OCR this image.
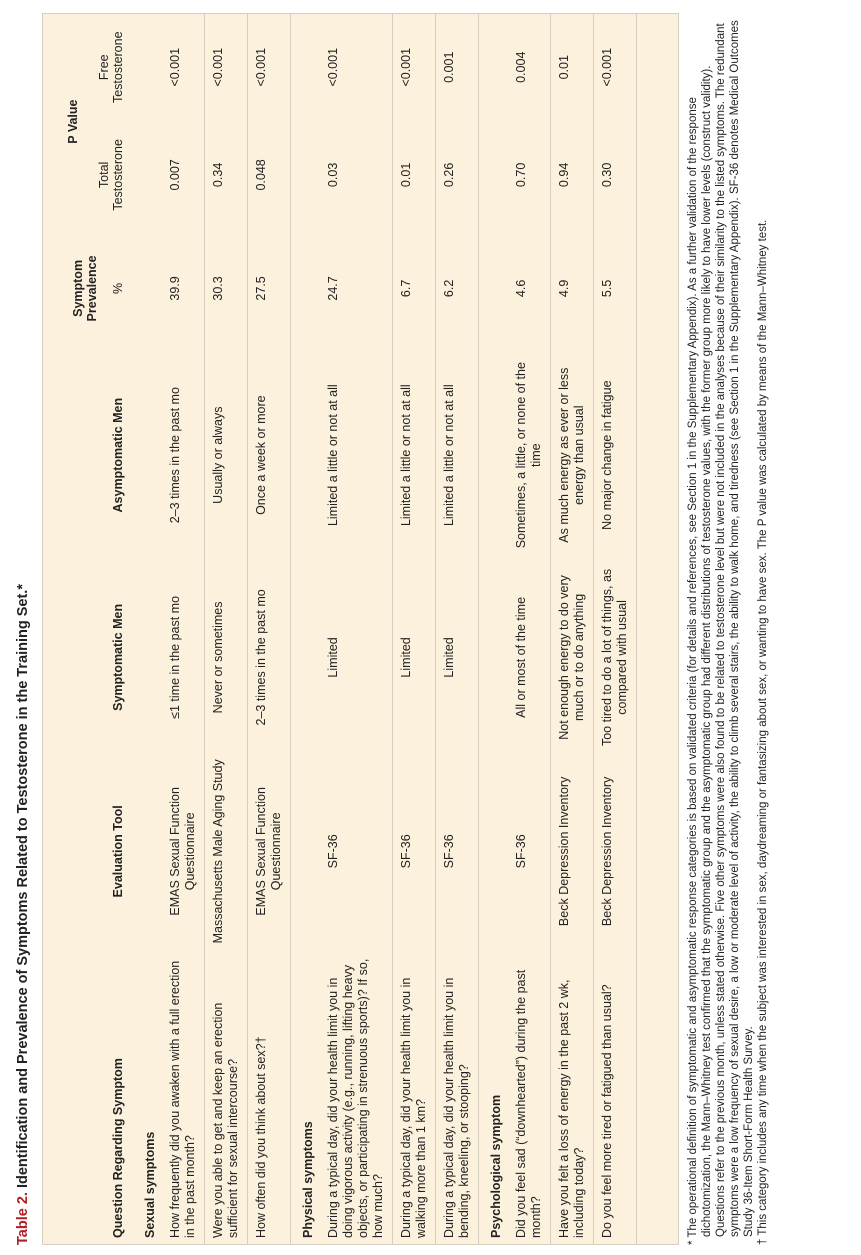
Table 2. Identification and Prevalence of Symptoms Related to Testosterone in the Training Set.*	Question Regarding Symptom	Evaluation Tool	Symptomatic Men	Asymptomatic Men	Symptom Prevalence %	P Value	
					Total Testosterone	Free Testosterone
Sexual symptoms						
How frequently did you awaken with a full erection in the past month?	EMAS Sexual Function Questionnaire	≤1 time in the past mo	2–3 times in the past mo	39.9	0.007	<0.001
Were you able to get and keep an erection sufficient for sexual intercourse?	Massachusetts Male Aging Study	Never or sometimes	Usually or always	30.3	0.34	<0.001
How often did you think about sex?†	EMAS Sexual Function Questionnaire	2–3 times in the past mo	Once a week or more	27.5	0.048	<0.001
Physical symptoms						
During a typical day, did your health limit you in doing vigorous activity (e.g., running, lifting heavy objects, or participating in strenuous sports)? If so, how much?	SF-36	Limited	Limited a little or not at all	24.7	0.03	<0.001
During a typical day, did your health limit you in walking more than 1 km?	SF-36	Limited	Limited a little or not at all	6.7	0.01	<0.001
During a typical day, did your health limit you in bending, kneeling, or stooping?	SF-36	Limited	Limited a little or not at all	6.2	0.26	0.001
Psychological symptom						
Did you feel sad (“downhearted”) during the past month?	SF-36	All or most of the time	Sometimes, a little, or none of the time	4.6	0.70	0.004
Have you felt a loss of energy in the past 2 wk, including today?	Beck Depression Inventory	Not enough energy to do very much or to do anything	As much energy as ever or less energy than usual	4.9	0.94	0.01
Do you feel more tired or fatigued than usual?	Beck Depression Inventory	Too tired to do a lot of things, as compared with usual	No major change in fatigue	5.5	0.30	<0.001

* The operational definition of symptomatic and asymptomatic response categories is based on validated criteria (for details and references, see Section 1 in the Supplementary Appendix). As a further validation of the response dichotomization, the Mann–Whitney test confirmed that the symptomatic group and the asymptomatic group had different distributions of testosterone values, with the former group more likely to have lower levels (construct validity). Questions refer to the previous month, unless stated otherwise. Five other symptoms were also found to be related to testosterone level but were not included in the analyses because of their similarity to the listed symptoms. The redundant symptoms were a low frequency of sexual desire, a low or moderate level of activity, the ability to climb several stairs, the ability to walk home, and tiredness (see Section 1 in the Supplementary Appendix). SF-36 denotes Medical Outcomes Study 36-Item Short-Form Health Survey. † This category includes any time when the subject was interested in sex, daydreaming or fantasizing about sex, or wanting to have sex. The P value was calculated by means of the Mann–Whitney test.
